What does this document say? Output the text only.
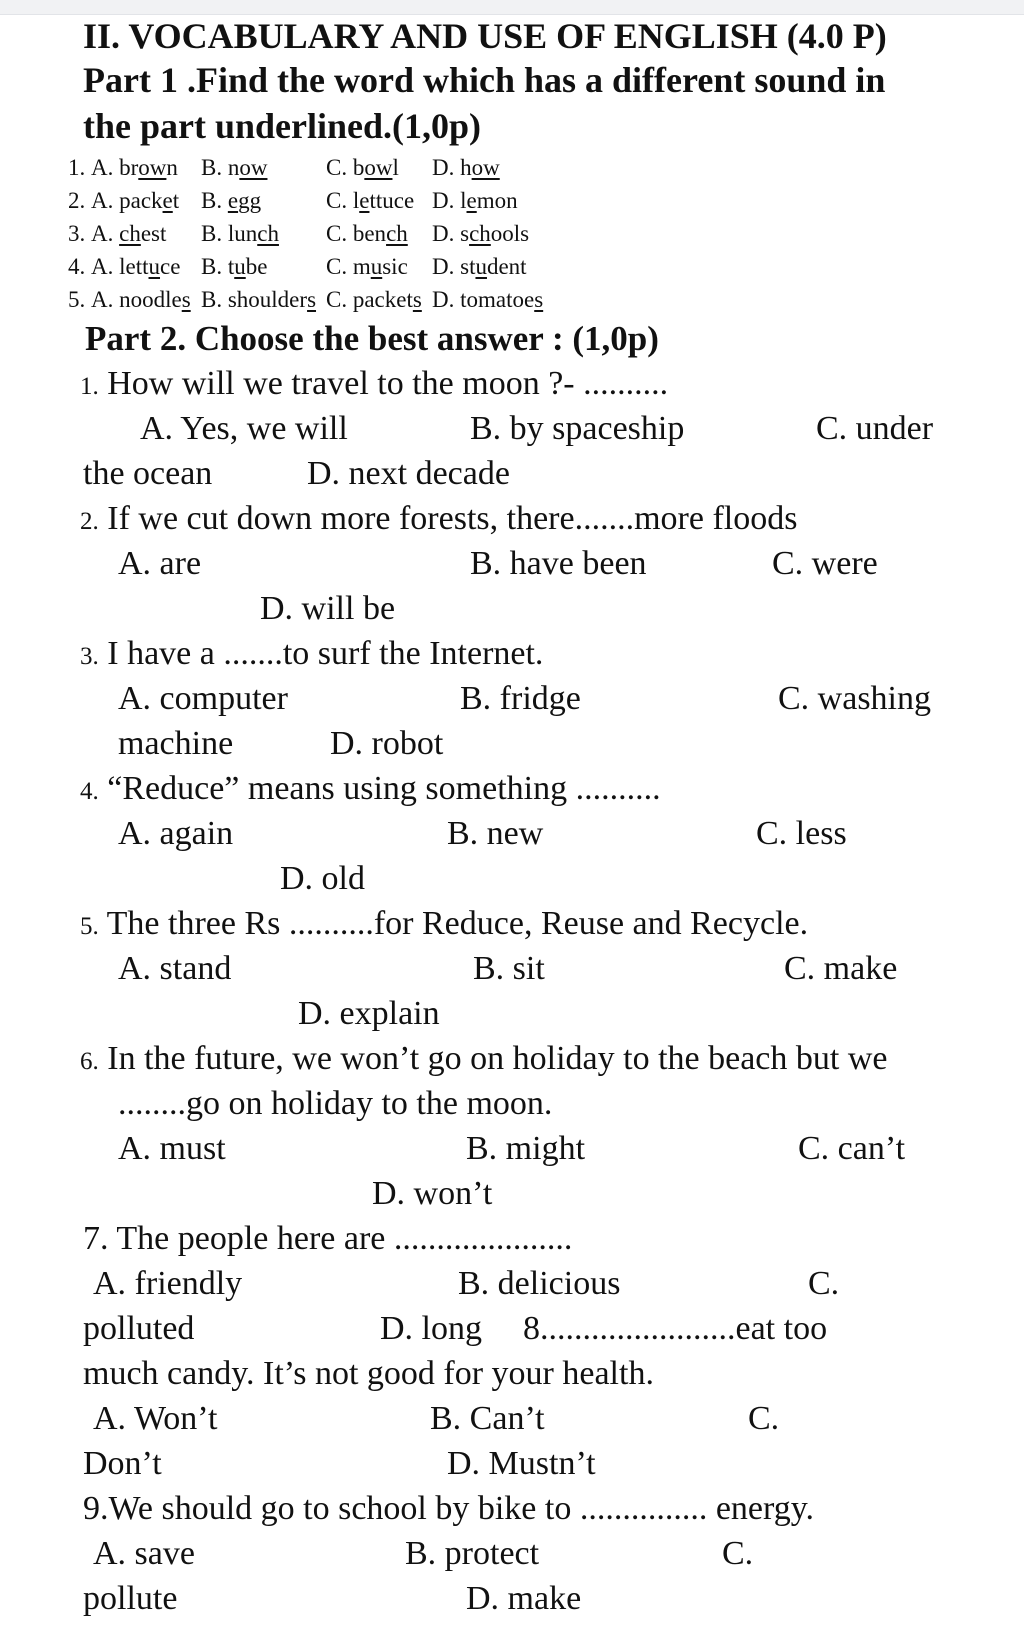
II. VOCABULARY AND USE OF ENGLISH (4.0 P)
Part 1 .Find the word which has a different sound in
the part underlined.(1,0p)
1. A. brown B. now	C. bowl D. how
2. A. packet B. egg	C. lettuce D. lemon
3. A. chest B. lunch C. bench D. schools
4. A. lettuce B. tube	C. music D. student
5. A. noodles B. shoulders C. packets D. tomatoes
Part 2. Choose the best answer : (1,0p)
1. How will we travel to the moon ?- ..........
A. Yes, we will	B. by spaceship	C. under
the ocean	D. next decade
2. If we cut down more forests, there.......more floods
A. are	B. have been	C. were
D. will be
3. I have a .......to surf the Internet.
A. computer	B. fridge	C. washing
machine	D. robot
4. “Reduce” means using something ..........
A. again	B. new	C. less
D. old
5. The three Rs ..........for Reduce, Reuse and Recycle.
A. stand	B. sit	C. make
D. explain
6. In the future, we won’t go on holiday to the beach but we
........go on holiday to the moon.
A. must	B. might	C. can’t
D. won’t
7. The people here are .....................
A. friendly	B. delicious	C.
polluted	D. long 8.......................eat too
much candy. It’s not good for your health.
A. Won’t	B. Can’t	C.
Don’t	D. Mustn’t
9.We should go to school by bike to ............... energy.
A. save	B. protect	C.
pollute	D. make
